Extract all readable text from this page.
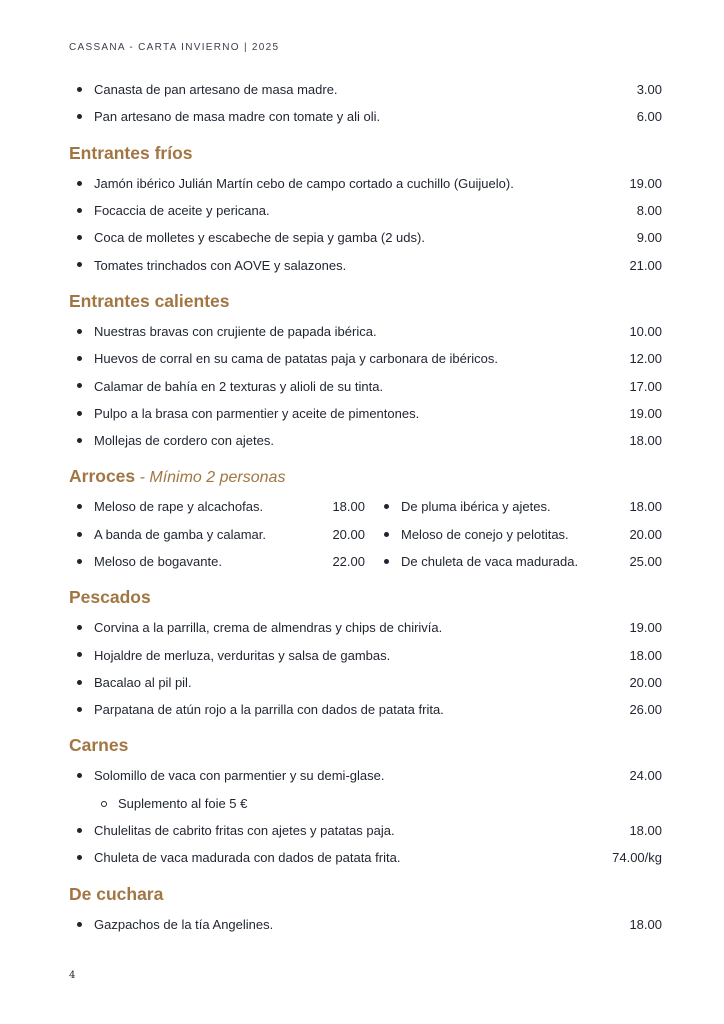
CASSANA - CARTA INVIERNO | 2025
Canasta de pan artesano de masa madre.	3.00
Pan artesano de masa madre con tomate y ali oli.	6.00
Entrantes fríos
Jamón ibérico Julián Martín cebo de campo cortado a cuchillo (Guijuelo).	19.00
Focaccia de aceite y pericana.	8.00
Coca de molletes y escabeche de sepia y gamba (2 uds).	9.00
Tomates trinchados con AOVE y salazones.	21.00
Entrantes calientes
Nuestras bravas con crujiente de papada ibérica.	10.00
Huevos de corral en su cama de patatas paja y carbonara de ibéricos.	12.00
Calamar de bahía en 2 texturas y alioli de su tinta.	17.00
Pulpo a la brasa con parmentier y aceite de pimentones.	19.00
Mollejas de cordero con ajetes.	18.00
Arroces - Mínimo 2 personas
Meloso de rape y alcachofas.	18.00
A banda de gamba y calamar.	20.00
Meloso de bogavante.	22.00
De pluma ibérica y ajetes.	18.00
Meloso de conejo y pelotitas.	20.00
De chuleta de vaca madurada.	25.00
Pescados
Corvina a la parrilla, crema de almendras y chips de chirivía.	19.00
Hojaldre de merluza, verduritas y salsa de gambas.	18.00
Bacalao al pil pil.	20.00
Parpatana de atún rojo a la parrilla con dados de patata frita.	26.00
Carnes
Solomillo de vaca con parmentier y su demi-glase.	24.00
Suplemento al foie 5 €
Chulelitas de cabrito fritas con ajetes y patatas paja.	18.00
Chuleta de vaca madurada con dados de patata frita.	74.00/kg
De cuchara
Gazpachos de la tía Angelines.	18.00
4
